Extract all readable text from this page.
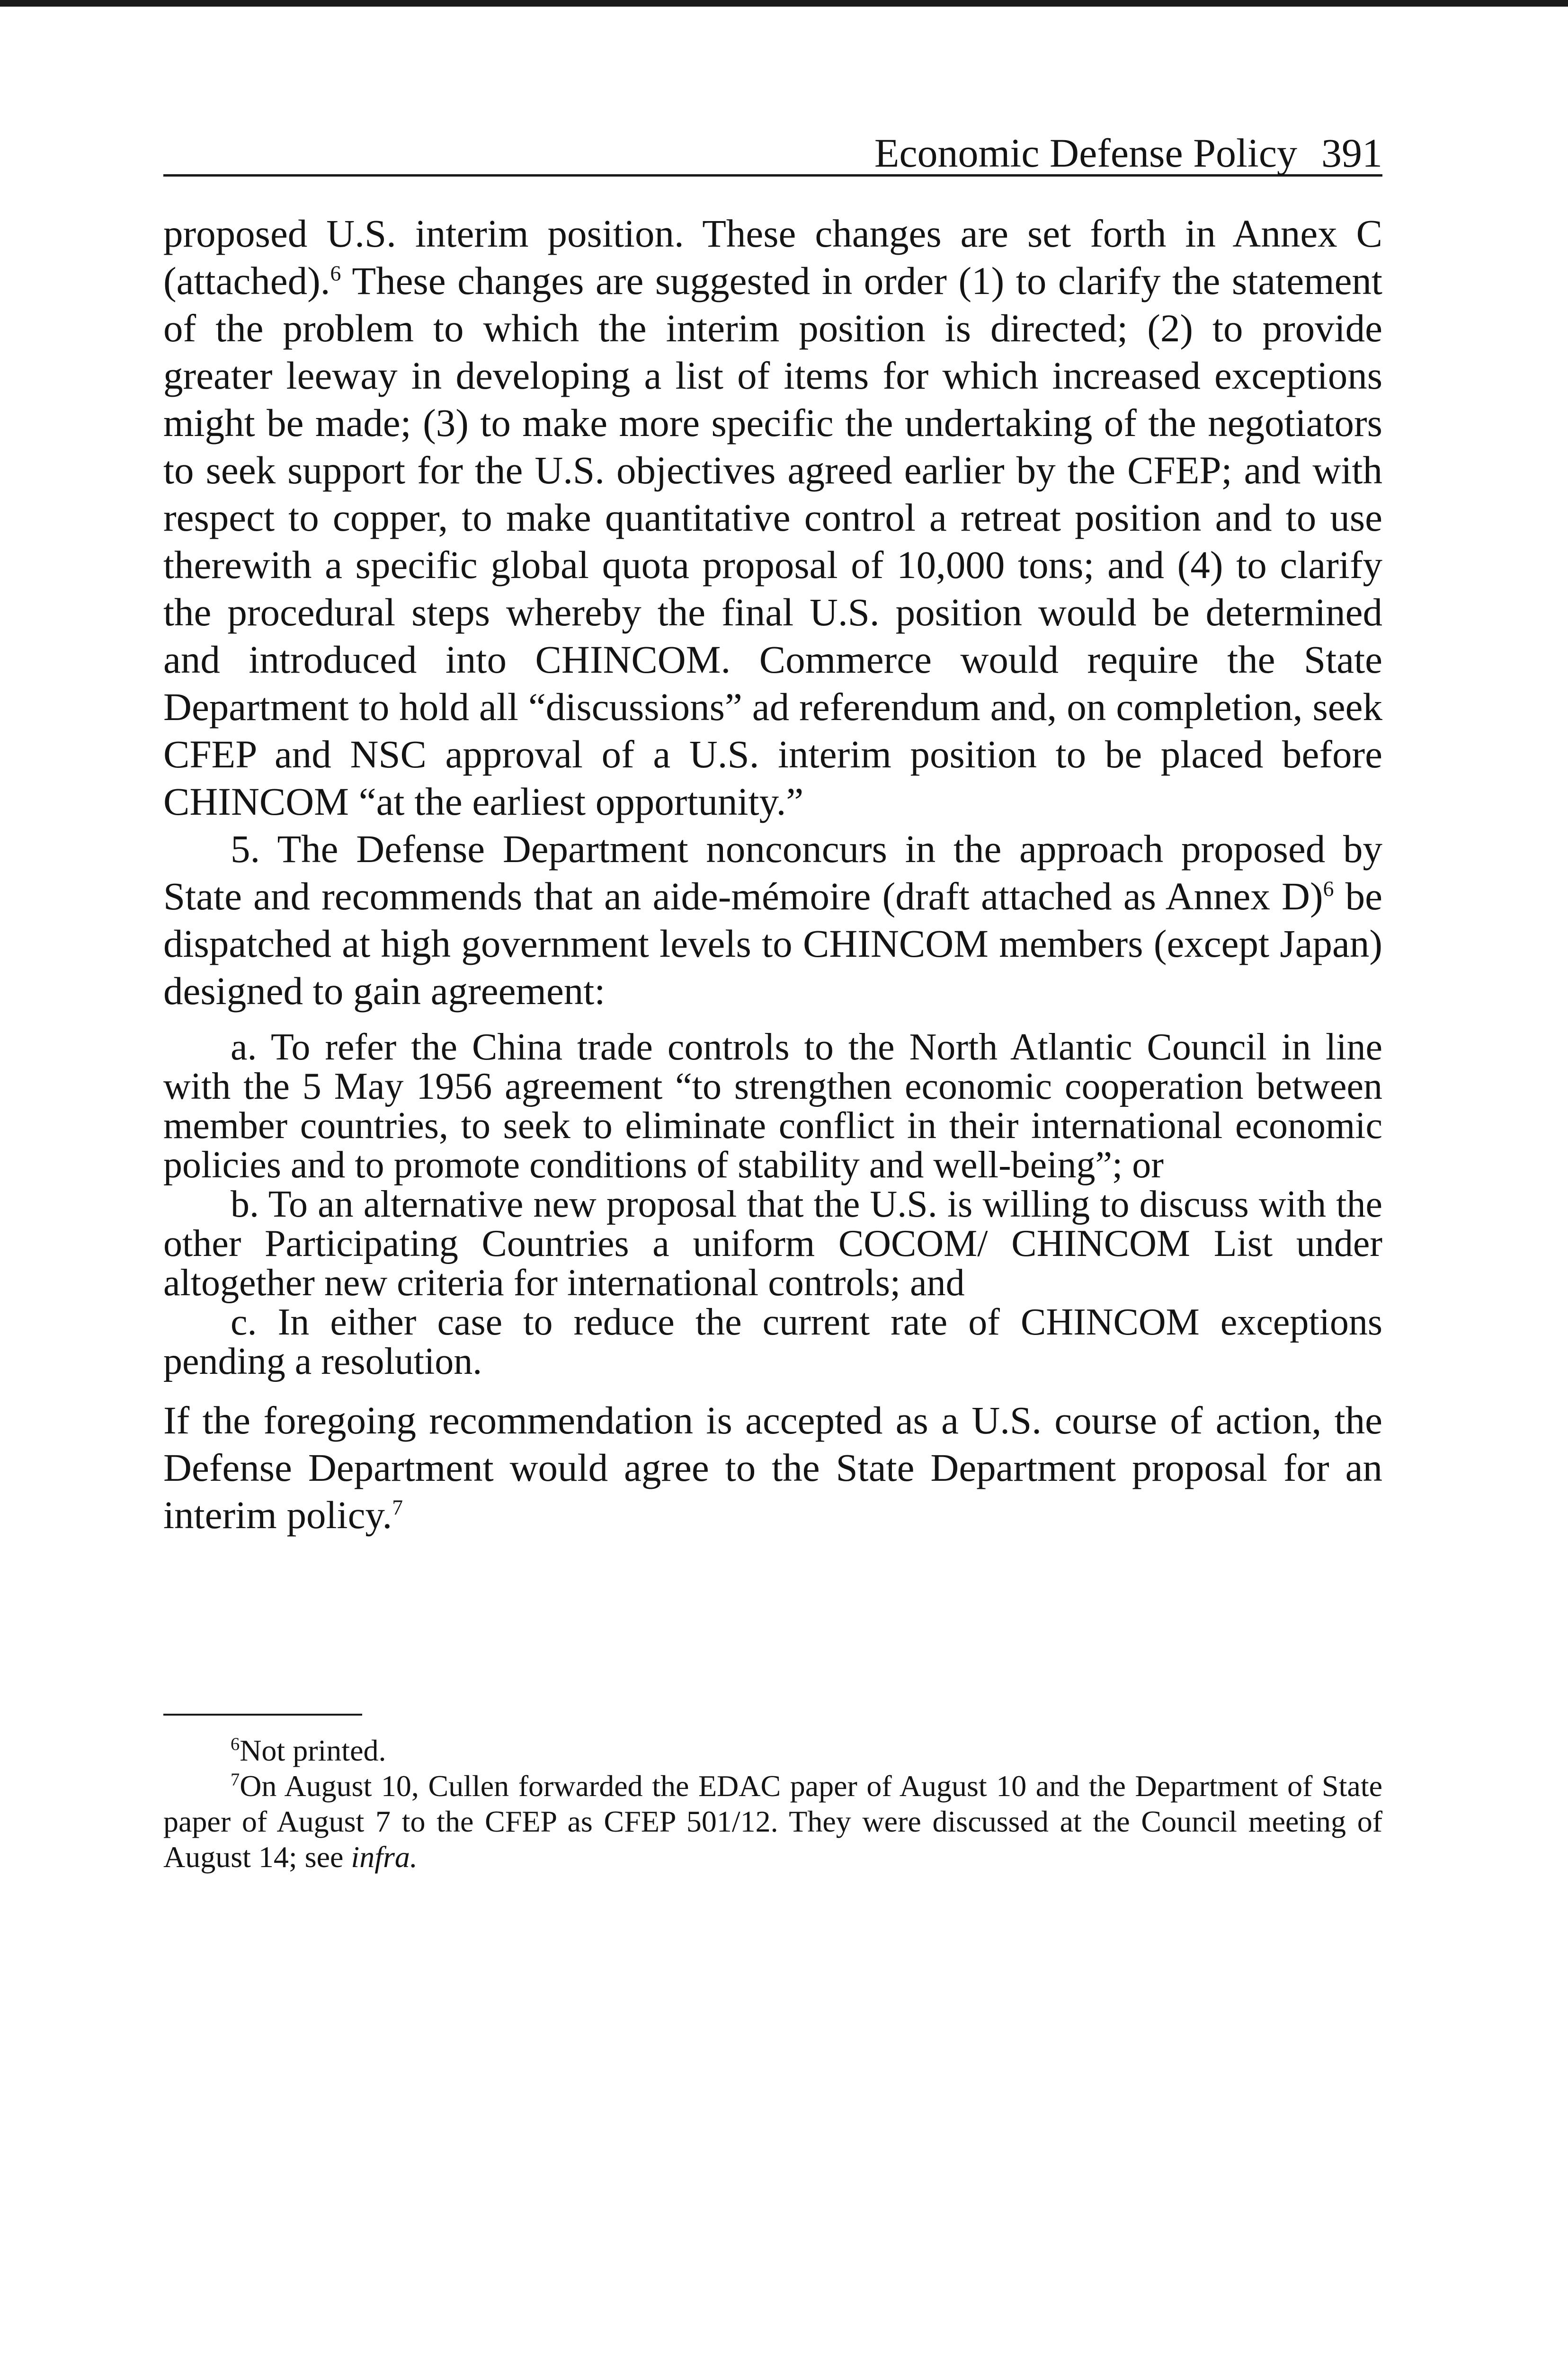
Economic Defense Policy 391

proposed U.S. interim position. These changes are set forth in Annex C (attached).$^6$ These changes are suggested in order (1) to clarify the statement of the problem to which the interim position is directed; (2) to provide greater leeway in developing a list of items for which increased exceptions might be made; (3) to make more specific the undertaking of the negotiators to seek support for the U.S. objectives agreed earlier by the CFEP; and with respect to copper, to make quantitative control a retreat position and to use therewith a specific global quota proposal of 10,000 tons; and (4) to clarify the procedural steps whereby the final U.S. position would be determined and introduced into CHINCOM. Commerce would require the State Department to hold all “discussions” ad referendum and, on completion, seek CFEP and NSC approval of a U.S. interim position to be placed before CHINCOM “at the earliest opportunity.”

5. The Defense Department nonconcurs in the approach proposed by State and recommends that an aide-mémoire (draft attached as Annex D)$^6$ be dispatched at high government levels to CHINCOM members (except Japan) designed to gain agreement:

a. To refer the China trade controls to the North Atlantic Council in line with the 5 May 1956 agreement “to strengthen economic cooperation between member countries, to seek to eliminate conflict in their international economic policies and to promote conditions of stability and well-being”; or

b. To an alternative new proposal that the U.S. is willing to discuss with the other Participating Countries a uniform COCOM/ CHINCOM List under altogether new criteria for international controls; and

c. In either case to reduce the current rate of CHINCOM exceptions pending a resolution.

If the foregoing recommendation is accepted as a U.S. course of action, the Defense Department would agree to the State Department proposal for an interim policy.$^7$

$^6$Not printed.

$^7$On August 10, Cullen forwarded the EDAC paper of August 10 and the Department of State paper of August 7 to the CFEP as CFEP 501/12. They were discussed at the Council meeting of August 14; see infra.
